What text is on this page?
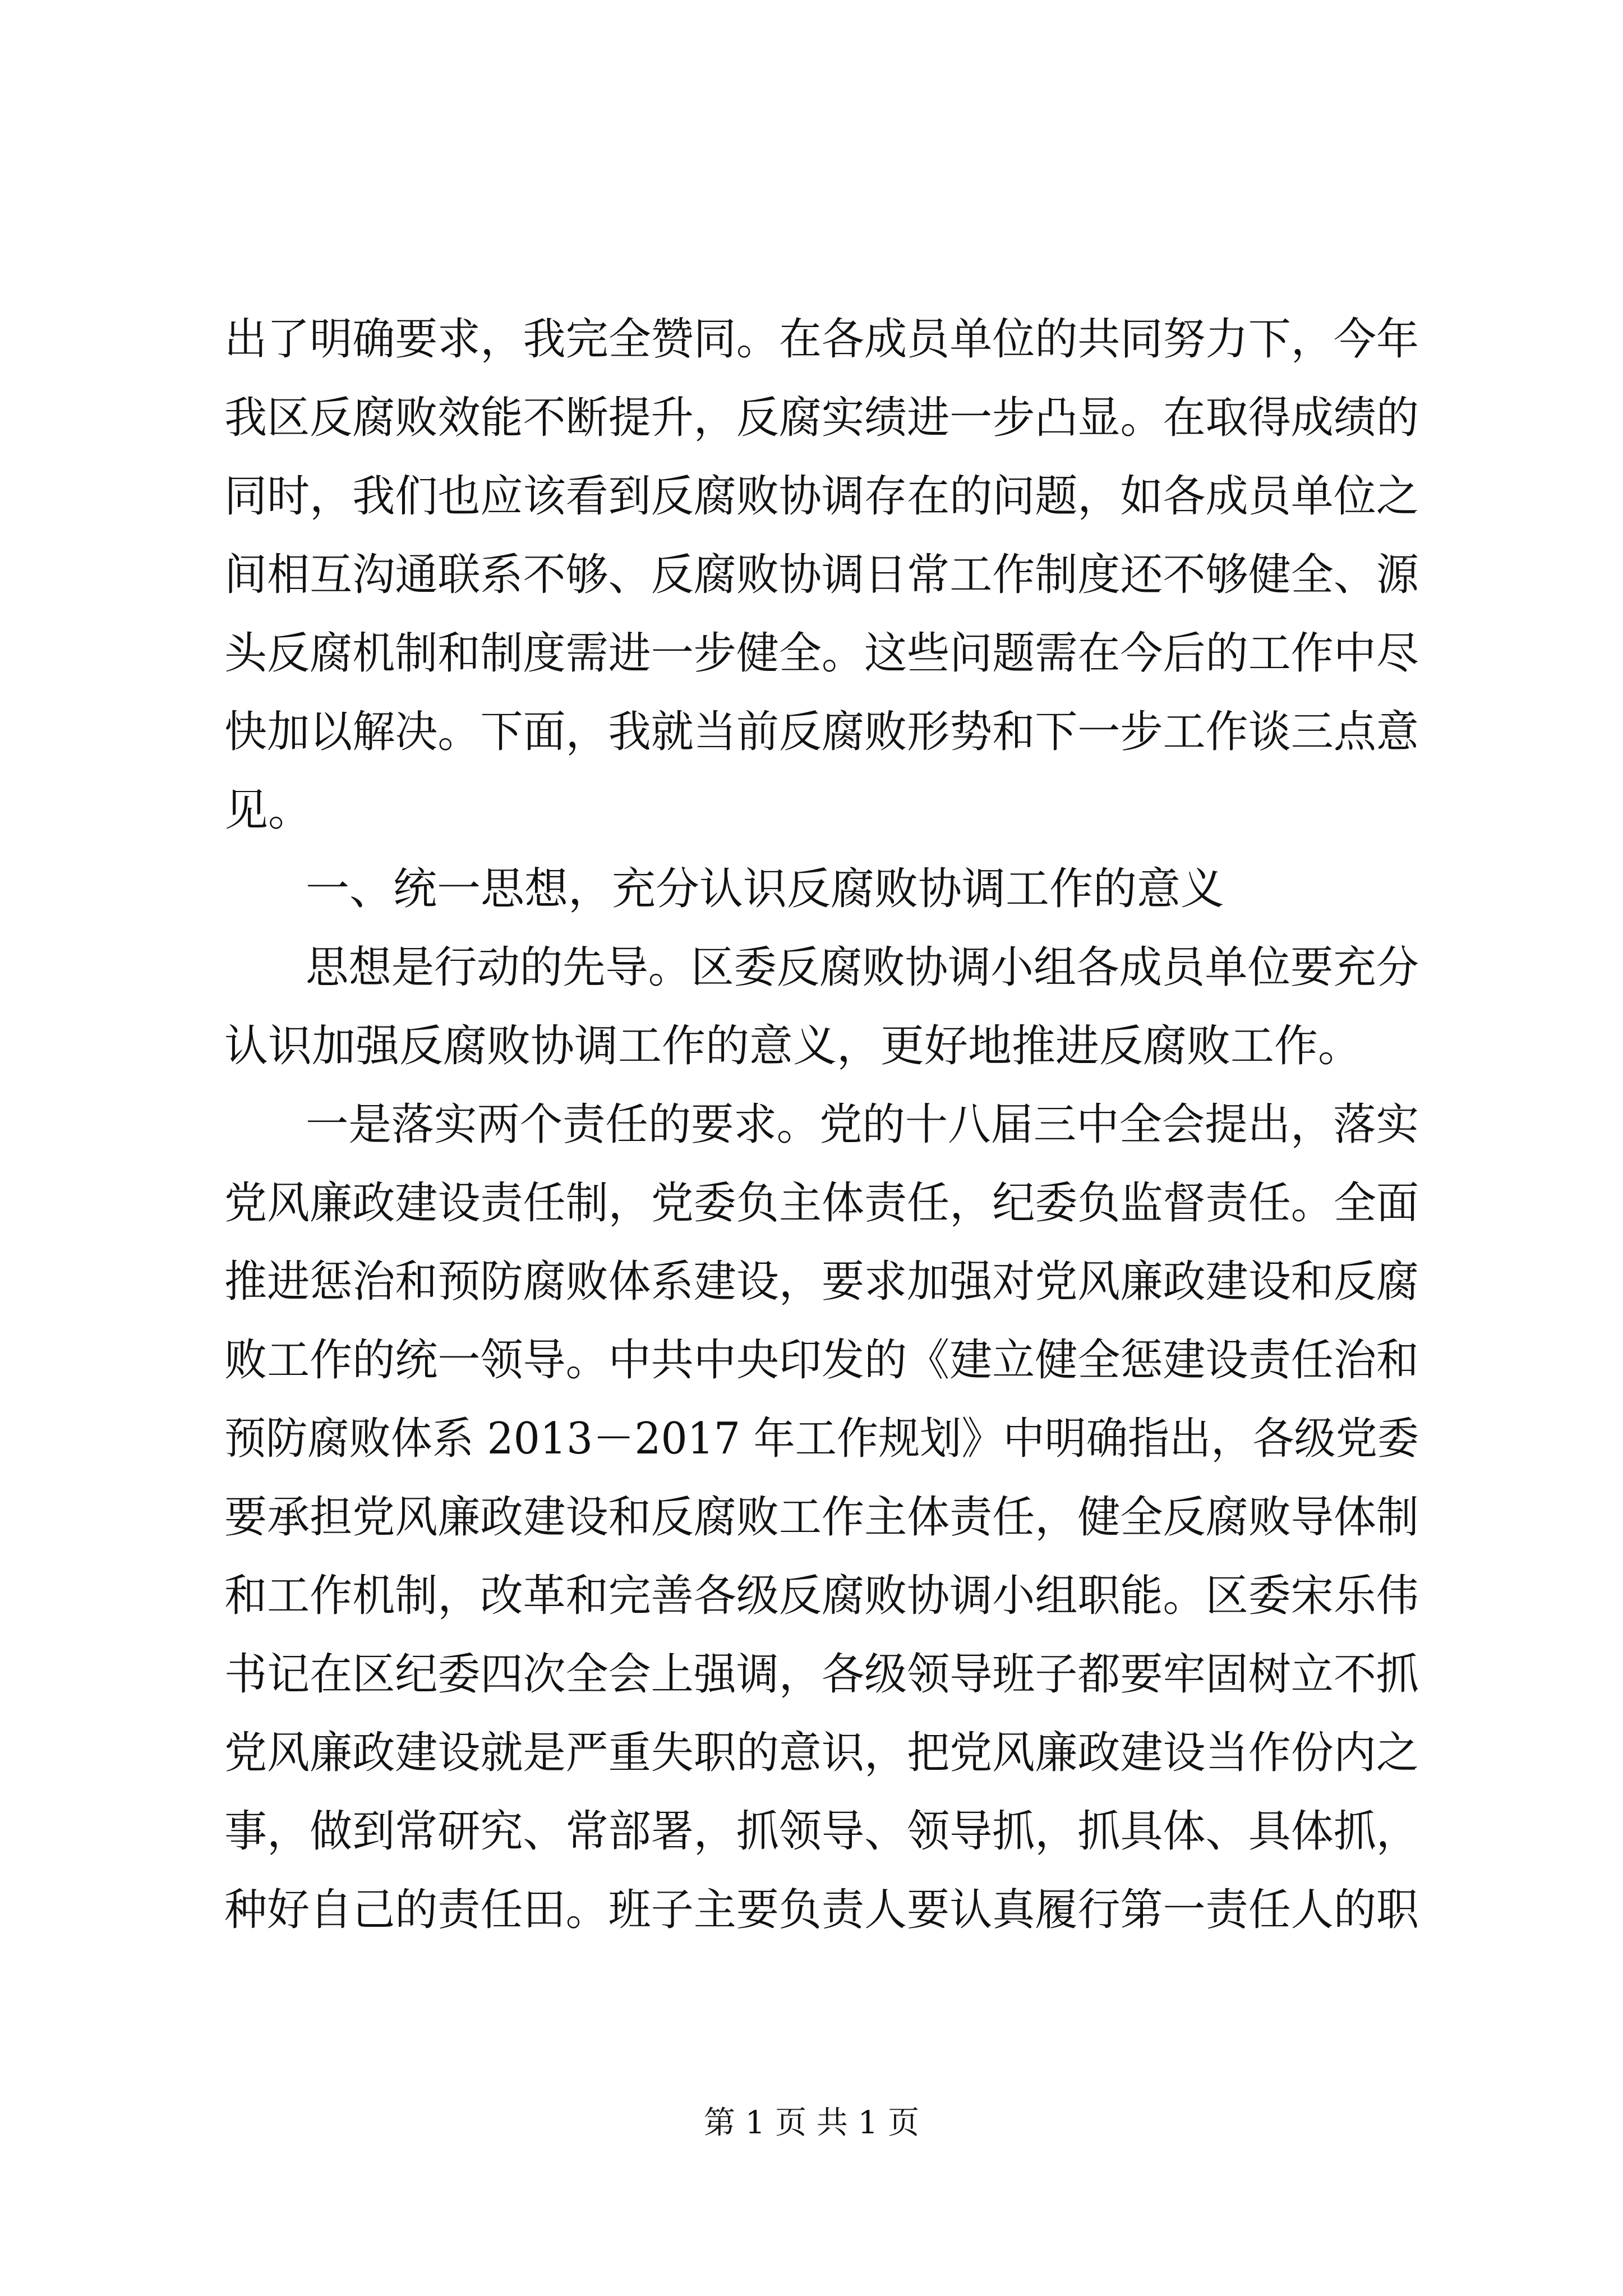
出了明确要求，我完全赞同。在各成员单位的共同努力下，今年
我区反腐败效能不断提升，反腐实绩进一步凸显。在取得成绩的
同时，我们也应该看到反腐败协调存在的问题，如各成员单位之
间相互沟通联系不够、反腐败协调日常工作制度还不够健全、源
头反腐机制和制度需进一步健全。这些问题需在今后的工作中尽
快加以解决。下面，我就当前反腐败形势和下一步工作谈三点意
见。
一、统一思想，充分认识反腐败协调工作的意义
思想是行动的先导。区委反腐败协调小组各成员单位要充分
认识加强反腐败协调工作的意义，更好地推进反腐败工作。
一是落实两个责任的要求。党的十八届三中全会提出，落实
党风廉政建设责任制，党委负主体责任，纪委负监督责任。全面
推进惩治和预防腐败体系建设，要求加强对党风廉政建设和反腐
败工作的统一领导。中共中央印发的《建立健全惩建设责任治和
预防腐败体系 2013－2017 年工作规划》中明确指出，各级党委
要承担党风廉政建设和反腐败工作主体责任，健全反腐败导体制
和工作机制，改革和完善各级反腐败协调小组职能。区委宋乐伟
书记在区纪委四次全会上强调，各级领导班子都要牢固树立不抓
党风廉政建设就是严重失职的意识，把党风廉政建设当作份内之
事，做到常研究、常部署，抓领导、领导抓，抓具体、具体抓，
种好自己的责任田。班子主要负责人要认真履行第一责任人的职
第 1 页 共 1 页
